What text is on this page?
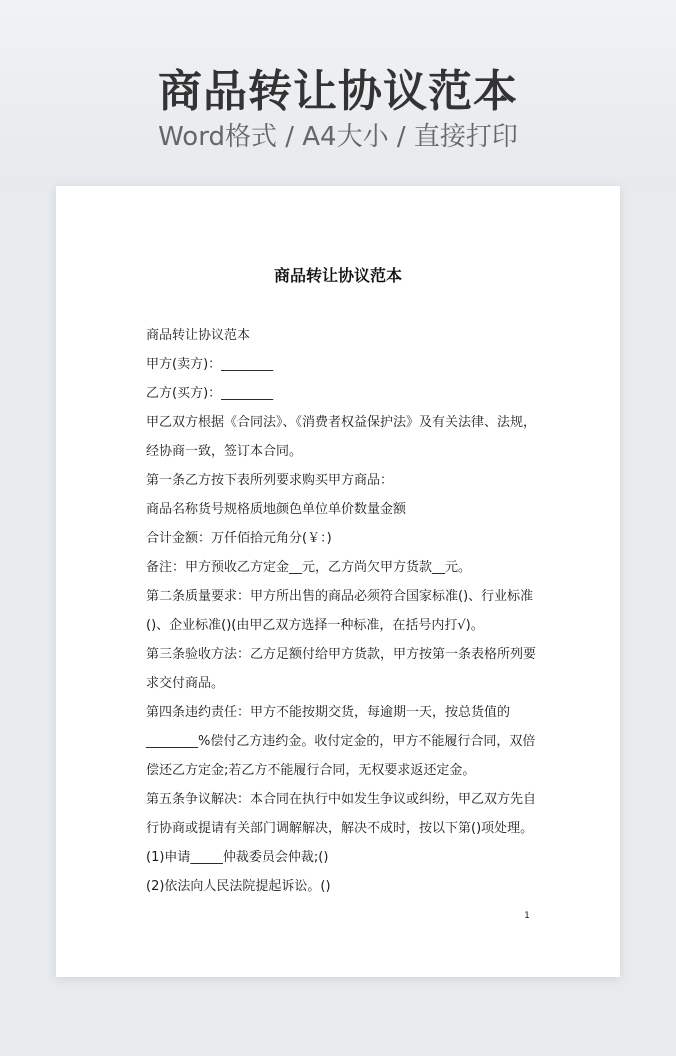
商品转让协议范本
Word格式 / A4大小 / 直接打印
商品转让协议范本

商品转让协议范本

甲方(卖方)：________

乙方(买方)：________

甲乙双方根据《合同法》、《消费者权益保护法》及有关法律、法规，

经协商一致，签订本合同。

第一条乙方按下表所列要求购买甲方商品：

商品名称货号规格质地颜色单位单价数量金额

合计金额：万仟佰拾元角分(￥：)

备注：甲方预收乙方定金__元，乙方尚欠甲方货款__元。

第二条质量要求：甲方所出售的商品必须符合国家标准()、行业标准

()、企业标准()(由甲乙双方选择一种标准，在括号内打√)。

第三条验收方法：乙方足额付给甲方货款，甲方按第一条表格所列要

求交付商品。

第四条违约责任：甲方不能按期交货，每逾期一天，按总货值的

________%偿付乙方违约金。收付定金的，甲方不能履行合同，双倍

偿还乙方定金;若乙方不能履行合同，无权要求返还定金。

第五条争议解决：本合同在执行中如发生争议或纠纷，甲乙双方先自

行协商或提请有关部门调解解决，解决不成时，按以下第()项处理。

(1)申请_____仲裁委员会仲裁;()

(2)依法向人民法院提起诉讼。()

1
